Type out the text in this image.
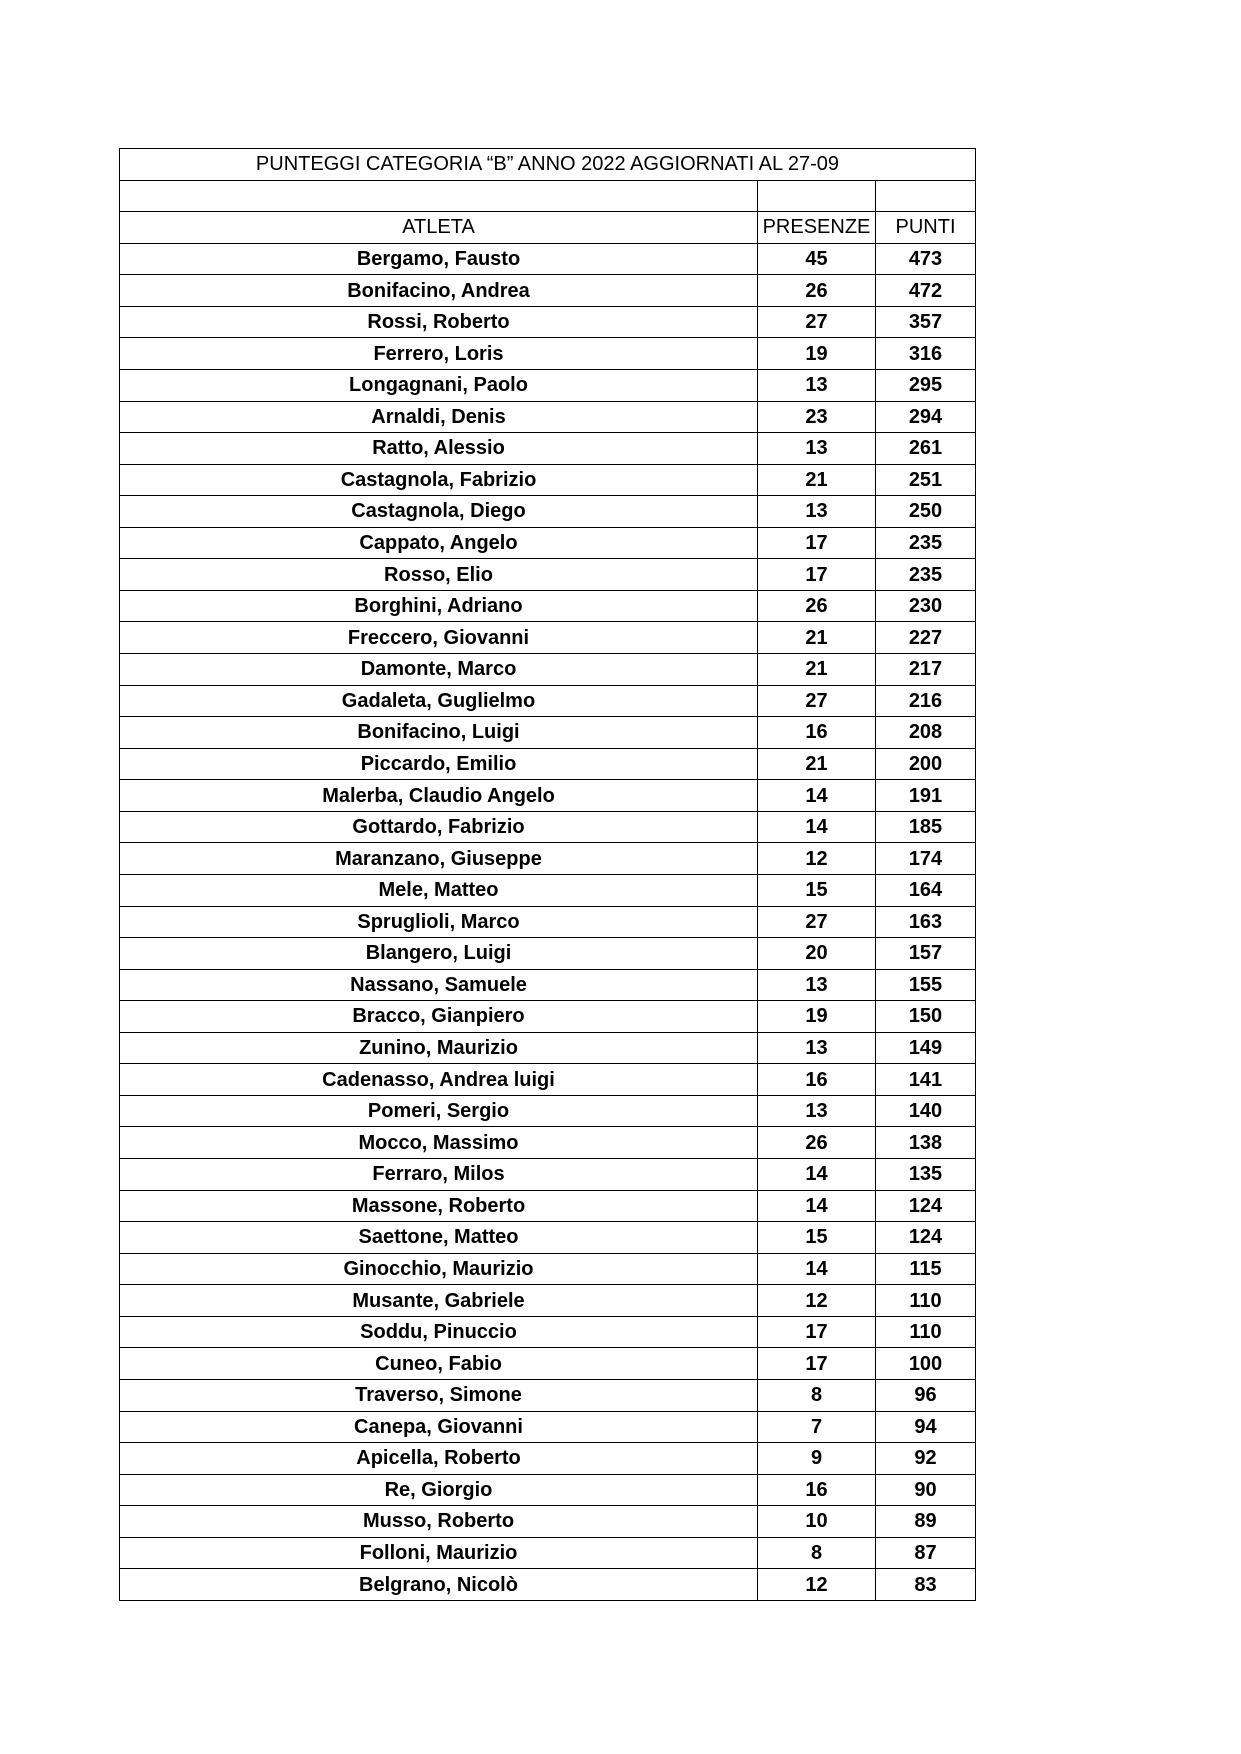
PUNTEGGI CATEGORIA “B” ANNO 2022 AGGIORNATI AL 27-09
ATLETA	PRESENZE	PUNTI
Bergamo, Fausto	45	473
Bonifacino, Andrea	26	472
Rossi, Roberto	27	357
Ferrero, Loris	19	316
Longagnani, Paolo	13	295
Arnaldi, Denis	23	294
Ratto, Alessio	13	261
Castagnola, Fabrizio	21	251
Castagnola, Diego	13	250
Cappato, Angelo	17	235
Rosso, Elio	17	235
Borghini, Adriano	26	230
Freccero, Giovanni	21	227
Damonte, Marco	21	217
Gadaleta, Guglielmo	27	216
Bonifacino, Luigi	16	208
Piccardo, Emilio	21	200
Malerba, Claudio Angelo	14	191
Gottardo, Fabrizio	14	185
Maranzano, Giuseppe	12	174
Mele, Matteo	15	164
Spruglioli, Marco	27	163
Blangero, Luigi	20	157
Nassano, Samuele	13	155
Bracco, Gianpiero	19	150
Zunino, Maurizio	13	149
Cadenasso, Andrea luigi	16	141
Pomeri, Sergio	13	140
Mocco, Massimo	26	138
Ferraro, Milos	14	135
Massone, Roberto	14	124
Saettone, Matteo	15	124
Ginocchio, Maurizio	14	115
Musante, Gabriele	12	110
Soddu, Pinuccio	17	110
Cuneo, Fabio	17	100
Traverso, Simone	8	96
Canepa, Giovanni	7	94
Apicella, Roberto	9	92
Re, Giorgio	16	90
Musso, Roberto	10	89
Folloni, Maurizio	8	87
Belgrano, Nicolò	12	83
